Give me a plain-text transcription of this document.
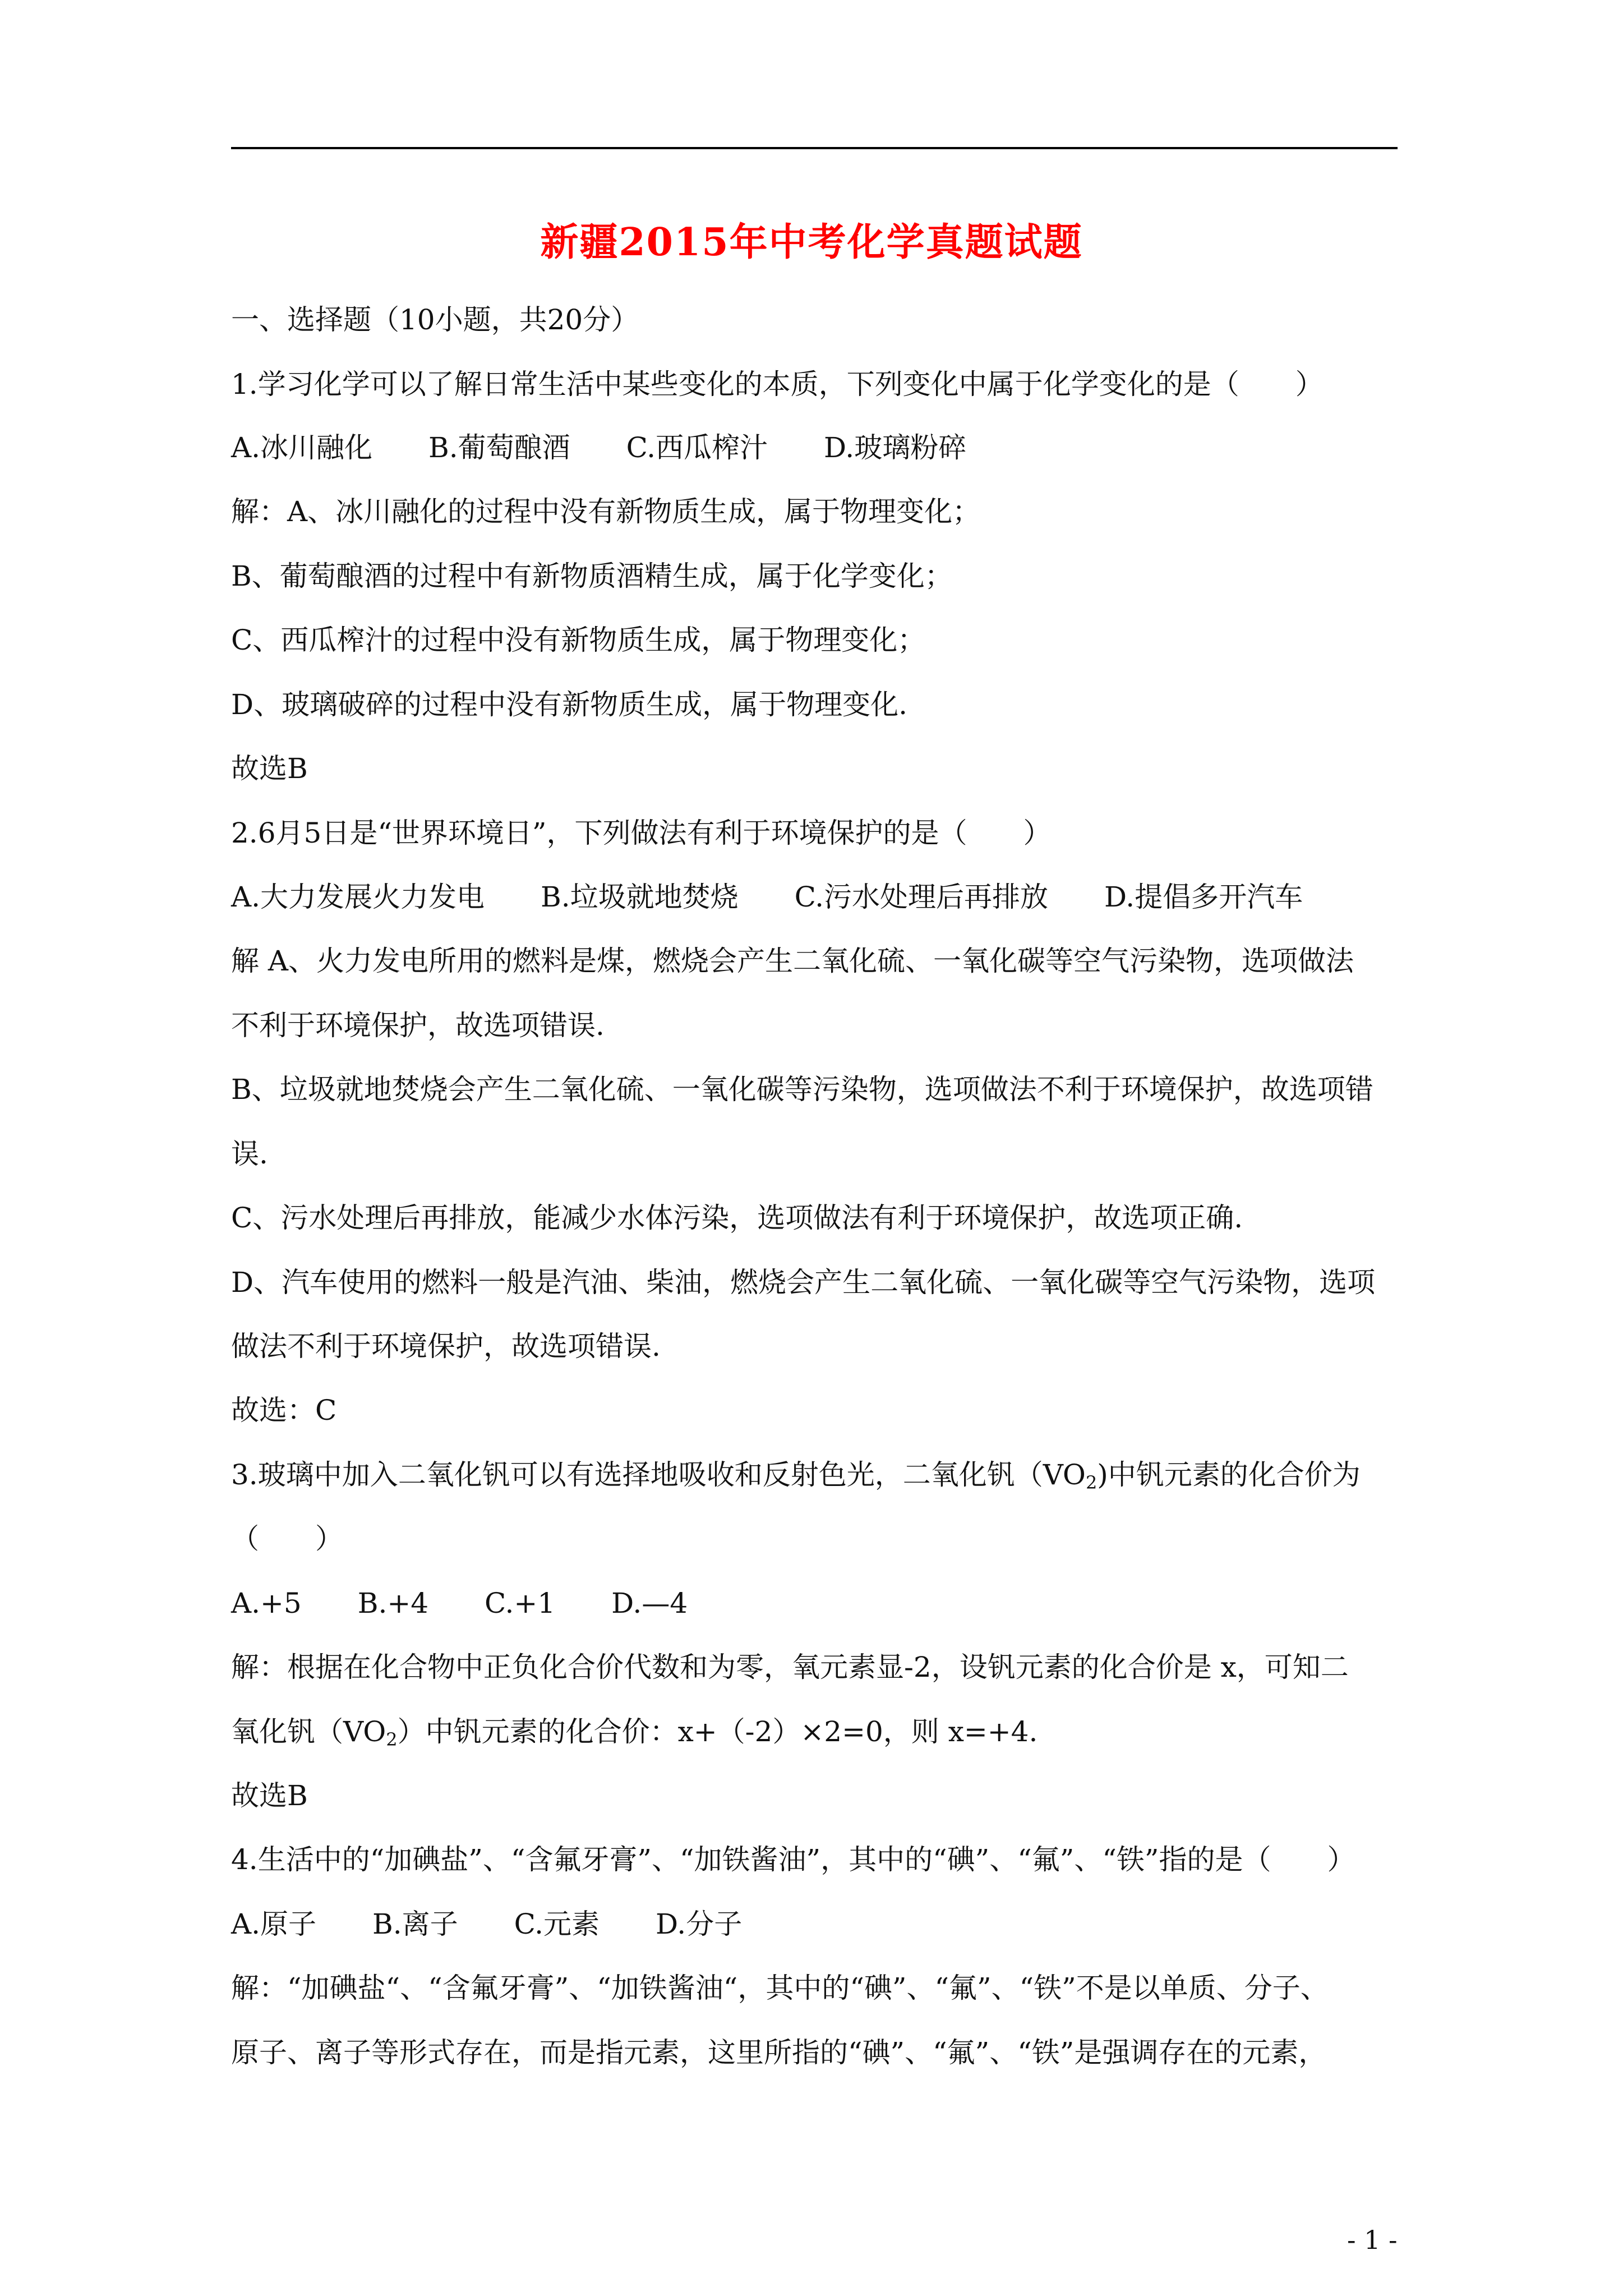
新疆2015年中考化学真题试题
一、选择题（10小题，共20分）
1.学习化学可以了解日常生活中某些变化的本质，下列变化中属于化学变化的是（　　）
A.冰川融化　　B.葡萄酿酒　　C.西瓜榨汁　　D.玻璃粉碎
解：A、冰川融化的过程中没有新物质生成，属于物理变化；
B、葡萄酿酒的过程中有新物质酒精生成，属于化学变化；
C、西瓜榨汁的过程中没有新物质生成，属于物理变化；
D、玻璃破碎的过程中没有新物质生成，属于物理变化.
故选B
2.6月5日是“世界环境日”，下列做法有利于环境保护的是（　　）
A.大力发展火力发电　　B.垃圾就地焚烧　　C.污水处理后再排放　　D.提倡多开汽车
解 A、火力发电所用的燃料是煤，燃烧会产生二氧化硫、一氧化碳等空气污染物，选项做法
不利于环境保护，故选项错误.
B、垃圾就地焚烧会产生二氧化硫、一氧化碳等污染物，选项做法不利于环境保护，故选项错
误.
C、污水处理后再排放，能减少水体污染，选项做法有利于环境保护，故选项正确.
D、汽车使用的燃料一般是汽油、柴油，燃烧会产生二氧化硫、一氧化碳等空气污染物，选项
做法不利于环境保护，故选项错误.
故选：C
3.玻璃中加入二氧化钒可以有选择地吸收和反射色光，二氧化钒$(VO_2)$中钒元素的化合价为
（　　）
A.+5　　B.+4　　C.+1　　D.—4
解：根据在化合物中正负化合价代数和为零，氧元素显-2，设钒元素的化合价是 x，可知二
氧化钒$(VO_2)$中钒元素的化合价：x+（-2）×2=0，则 x=+4.
故选B
4.生活中的“加碘盐”、“含氟牙膏”、“加铁酱油”，其中的“碘”、“氟”、“铁”指的是（　　）
A.原子　　B.离子　　C.元素　　D.分子
解：“加碘盐“、“含氟牙膏”、“加铁酱油“，其中的“碘”、“氟”、“铁”不是以单质、分子、
原子、离子等形式存在，而是指元素，这里所指的“碘”、“氟”、“铁”是强调存在的元素，
- 1 -
